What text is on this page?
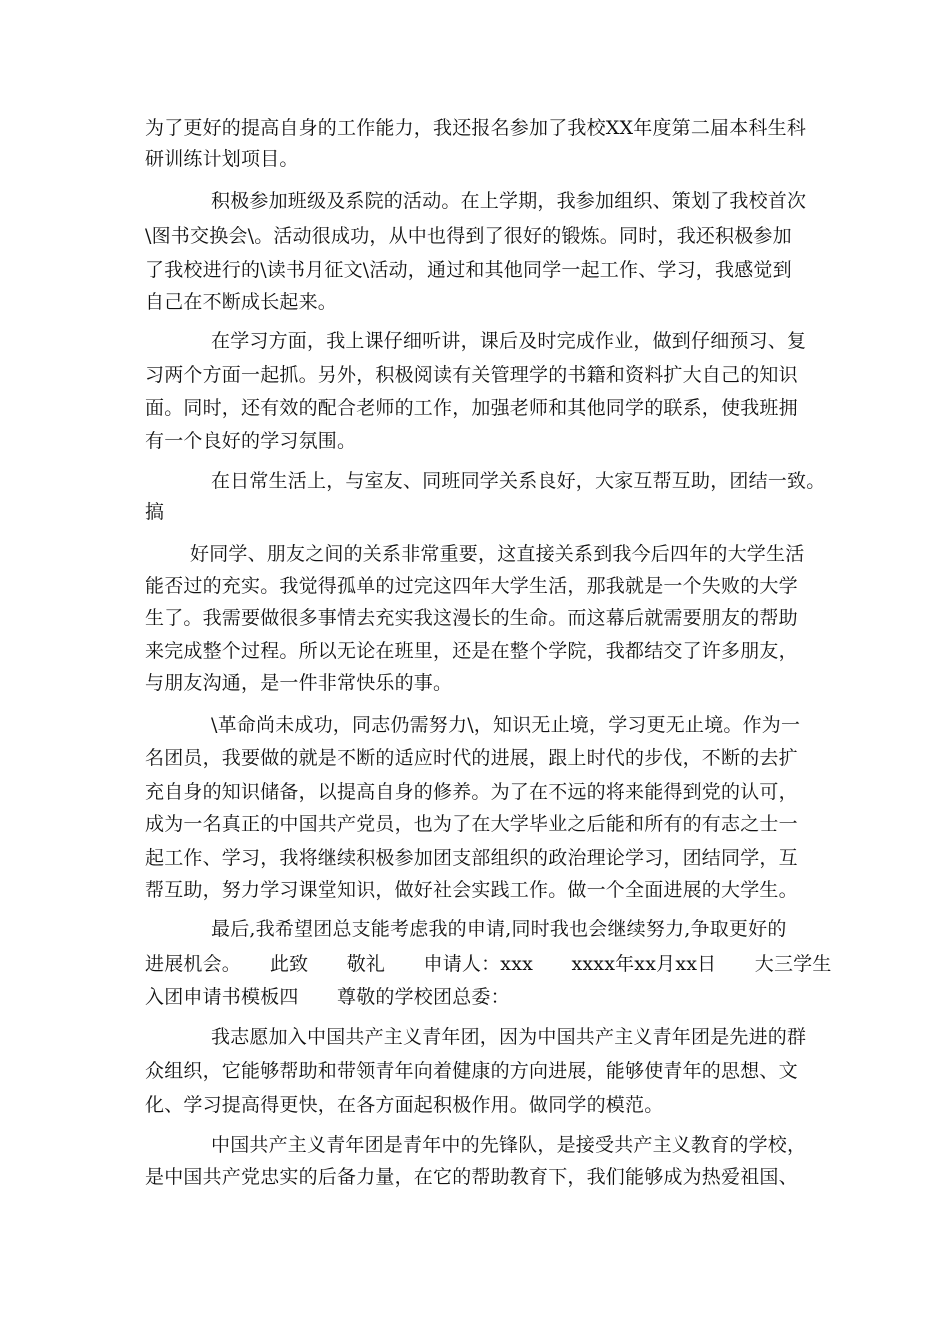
为了更好的提高自身的工作能力，我还报名参加了我校XX年度第二届本科生科
研训练计划项目。
积极参加班级及系院的活动。在上学期，我参加组织、策划了我校首次
\图书交换会\。活动很成功，从中也得到了很好的锻炼。同时，我还积极参加
了我校进行的\读书月征文\活动，通过和其他同学一起工作、学习，我感觉到
自己在不断成长起来。
在学习方面，我上课仔细听讲，课后及时完成作业，做到仔细预习、复
习两个方面一起抓。另外，积极阅读有关管理学的书籍和资料扩大自己的知识
面。同时，还有效的配合老师的工作，加强老师和其他同学的联系，使我班拥
有一个良好的学习氛围。
在日常生活上，与室友、同班同学关系良好，大家互帮互助，团结一致。
搞
好同学、朋友之间的关系非常重要，这直接关系到我今后四年的大学生活
能否过的充实。我觉得孤单的过完这四年大学生活，那我就是一个失败的大学
生了。我需要做很多事情去充实我这漫长的生命。而这幕后就需要朋友的帮助
来完成整个过程。所以无论在班里，还是在整个学院，我都结交了许多朋友，
与朋友沟通，是一件非常快乐的事。
\革命尚未成功，同志仍需努力\，知识无止境，学习更无止境。作为一
名团员，我要做的就是不断的适应时代的进展，跟上时代的步伐，不断的去扩
充自身的知识储备，以提高自身的修养。为了在不远的将来能得到党的认可，
成为一名真正的中国共产党员，也为了在大学毕业之后能和所有的有志之士一
起工作、学习，我将继续积极参加团支部组织的政治理论学习，团结同学，互
帮互助，努力学习课堂知识，做好社会实践工作。做一个全面进展的大学生。
最后,我希望团总支能考虑我的申请,同时我也会继续努力,争取更好的
进展机会。　　此致　　敬礼　　申请人：xxx　　xxxx年xx月xx日　　大三学生
入团申请书模板四　　尊敬的学校团总委：
我志愿加入中国共产主义青年团，因为中国共产主义青年团是先进的群
众组织，它能够帮助和带领青年向着健康的方向进展，能够使青年的思想、文
化、学习提高得更快，在各方面起积极作用。做同学的模范。
中国共产主义青年团是青年中的先锋队，是接受共产主义教育的学校，
是中国共产党忠实的后备力量，在它的帮助教育下，我们能够成为热爱祖国、
